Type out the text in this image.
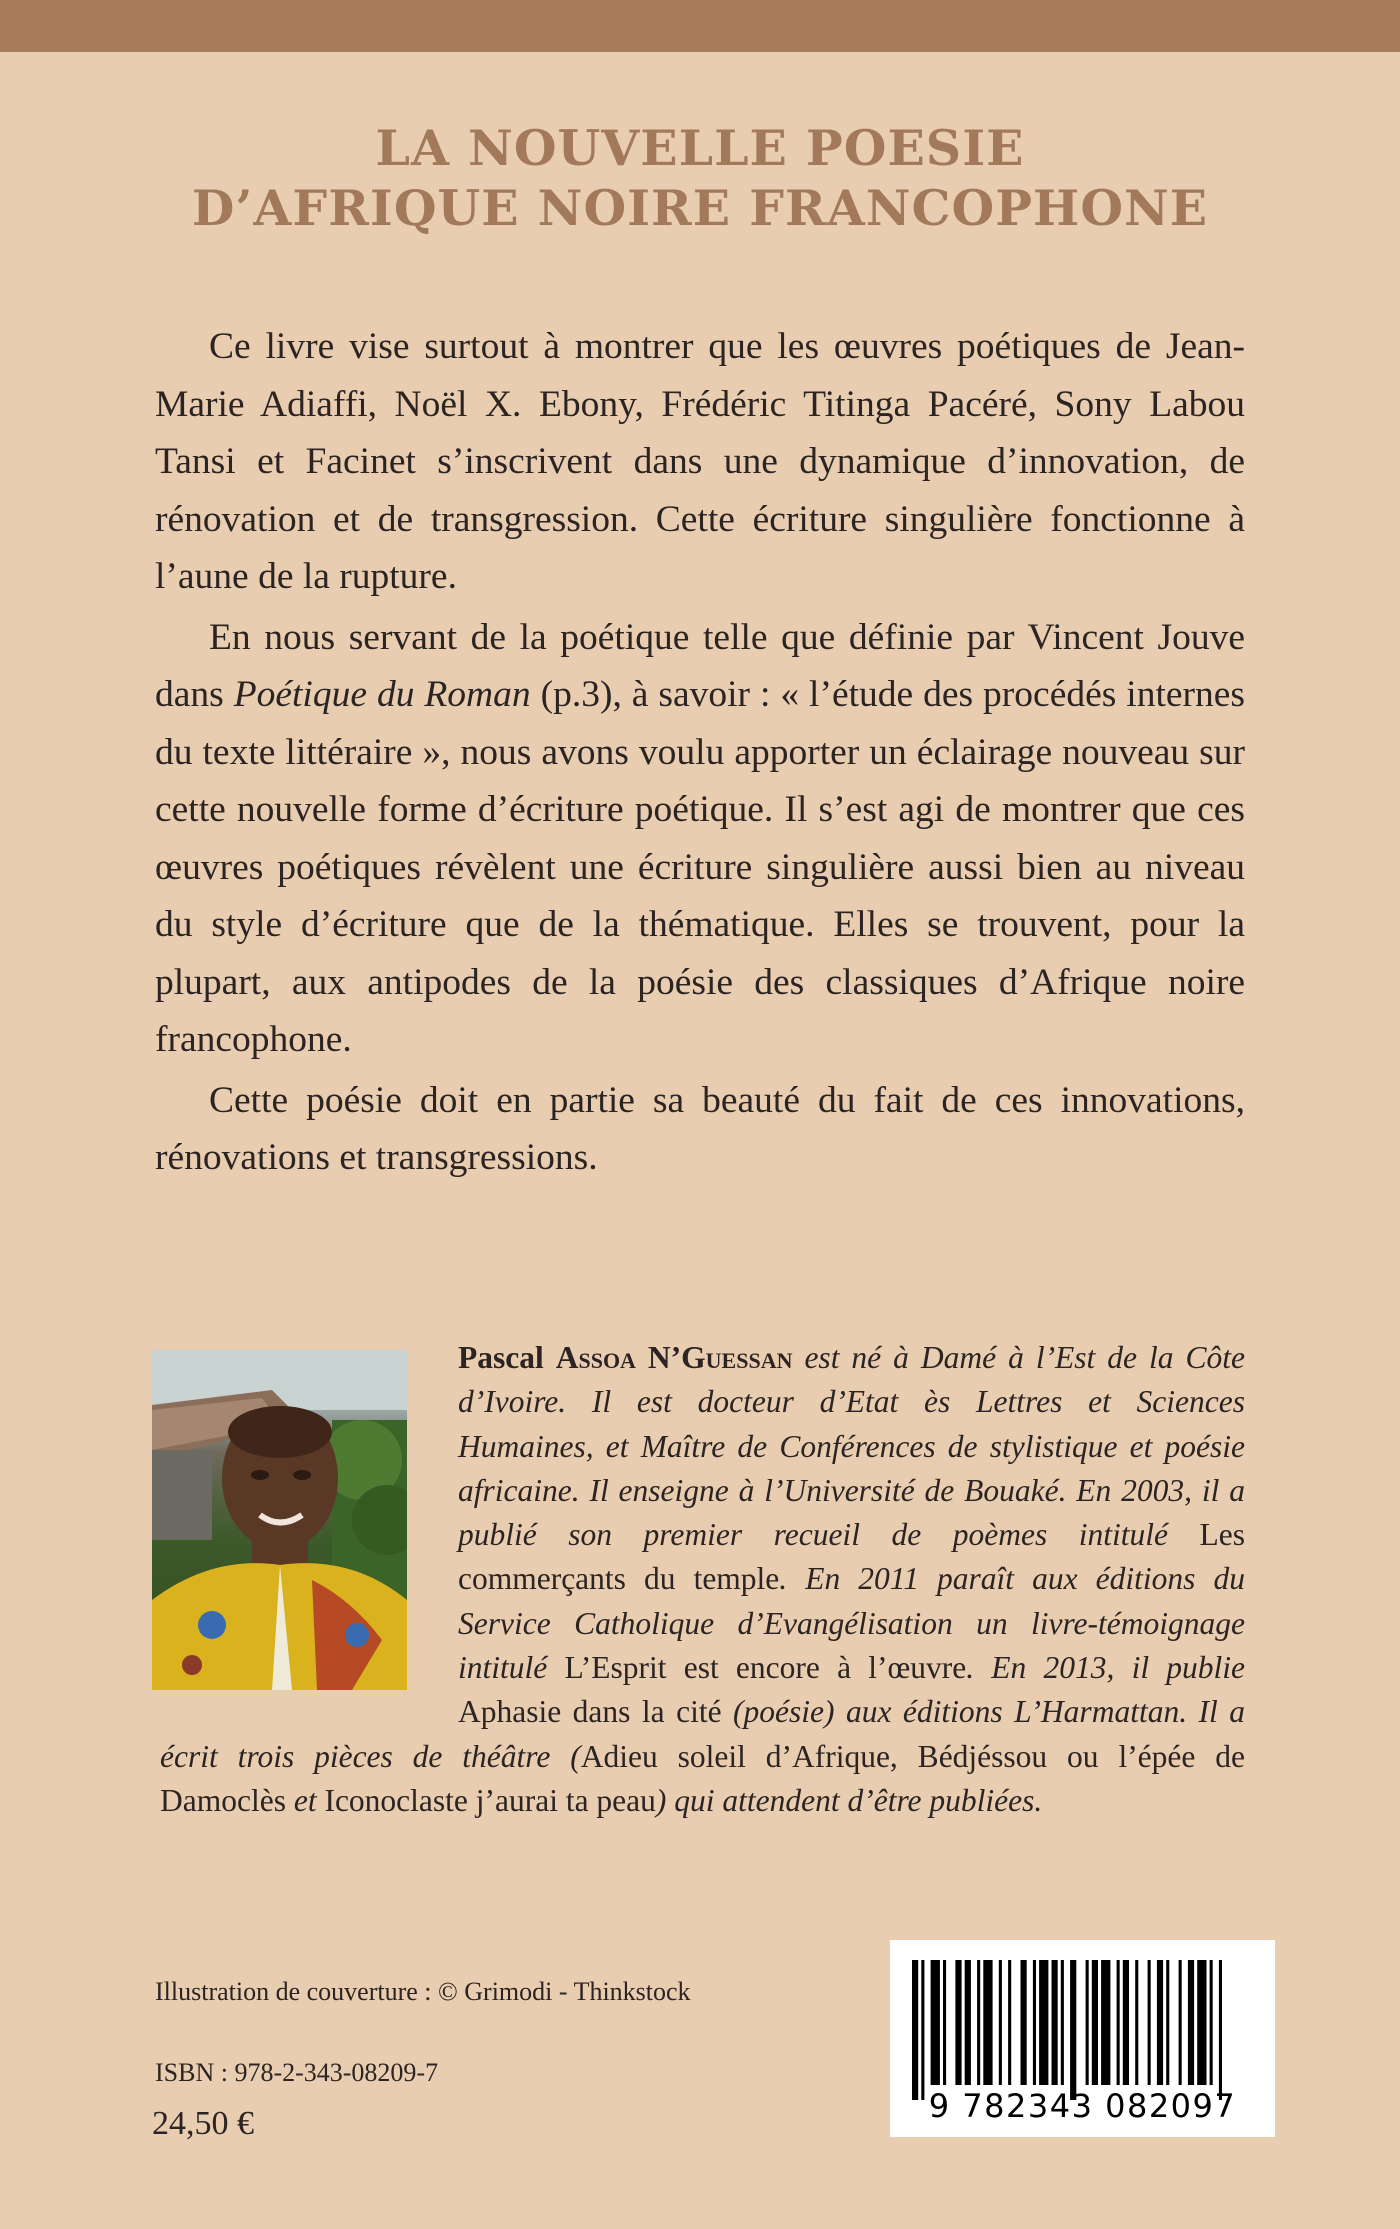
LA NOUVELLE POESIE
D’AFRIQUE NOIRE FRANCOPHONE

Ce livre vise surtout à montrer que les œuvres poétiques de Jean-Marie Adiaffi, Noël X. Ebony, Frédéric Titinga Pacéré, Sony Labou Tansi et Facinet s’inscrivent dans une dynamique d’innovation, de rénovation et de transgression. Cette écriture singulière fonctionne à l’aune de la rupture.

En nous servant de la poétique telle que définie par Vincent Jouve dans Poétique du Roman (p.3), à savoir : « l’étude des procédés internes du texte littéraire », nous avons voulu apporter un éclairage nouveau sur cette nouvelle forme d’écriture poétique. Il s’est agi de montrer que ces œuvres poétiques révèlent une écriture singulière aussi bien au niveau du style d’écriture que de la thématique. Elles se trouvent, pour la plupart, aux antipodes de la poésie des classiques d’Afrique noire francophone.

Cette poésie doit en partie sa beauté du fait de ces innovations, rénovations et transgressions.

Pascal Assoa N’Guessan est né à Damé à l’Est de la Côte d’Ivoire. Il est docteur d’Etat ès Lettres et Sciences Humaines, et Maître de Conférences de stylistique et poésie africaine. Il enseigne à l’Université de Bouaké. En 2003, il a publié son premier recueil de poèmes intitulé Les commerçants du temple. En 2011 paraît aux éditions du Service Catholique d’Evangélisation un livre-témoignage intitulé L’Esprit est encore à l’œuvre. En 2013, il publie Aphasie dans la cité (poésie) aux éditions L’Harmattan. Il a écrit trois pièces de théâtre (Adieu soleil d’Afrique, Bédjéssou ou l’épée de Damoclès et Iconoclaste j’aurai ta peau) qui attendent d’être publiées.
Illustration de couverture : © Grimodi - Thinkstock
ISBN : 978-2-343-08209-7
24,50 €	9 782343 082097
